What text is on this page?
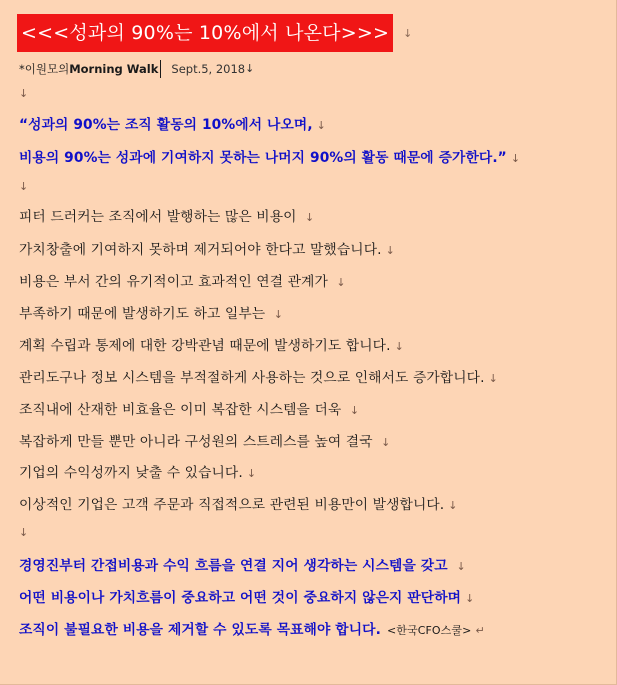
<<<성과의 90%는 10%에서 나온다>>>	↓
*이원모의 Morning Walk Sept.5, 2018 ↓
↓
“성과의 90%는 조직 활동의 10%에서 나오며, ↓
비용의 90%는 성과에 기여하지 못하는 나머지 90%의 활동 때문에 증가한다.” ↓
↓
피터 드러커는 조직에서 발행하는 많은 비용이 ↓
가치창출에 기여하지 못하며 제거되어야 한다고 말했습니다. ↓
비용은 부서 간의 유기적이고 효과적인 연결 관계가 ↓
부족하기 때문에 발생하기도 하고 일부는 ↓
계획 수립과 통제에 대한 강박관념 때문에 발생하기도 합니다. ↓
관리도구나 정보 시스템을 부적절하게 사용하는 것으로 인해서도 증가합니다. ↓
조직내에 산재한 비효율은 이미 복잡한 시스템을 더욱 ↓
복잡하게 만들 뿐만 아니라 구성원의 스트레스를 높여 결국 ↓
기업의 수익성까지 낮출 수 있습니다. ↓
이상적인 기업은 고객 주문과 직접적으로 관련된 비용만이 발생합니다. ↓
↓
경영진부터 간접비용과 수익 흐름을 연결 지어 생각하는 시스템을 갖고 ↓
어떤 비용이나 가치흐름이 중요하고 어떤 것이 중요하지 않은지 판단하며 ↓
조직이 불필요한 비용을 제거할 수 있도록 목표해야 합니다. <한국CFO스쿨> ↵
